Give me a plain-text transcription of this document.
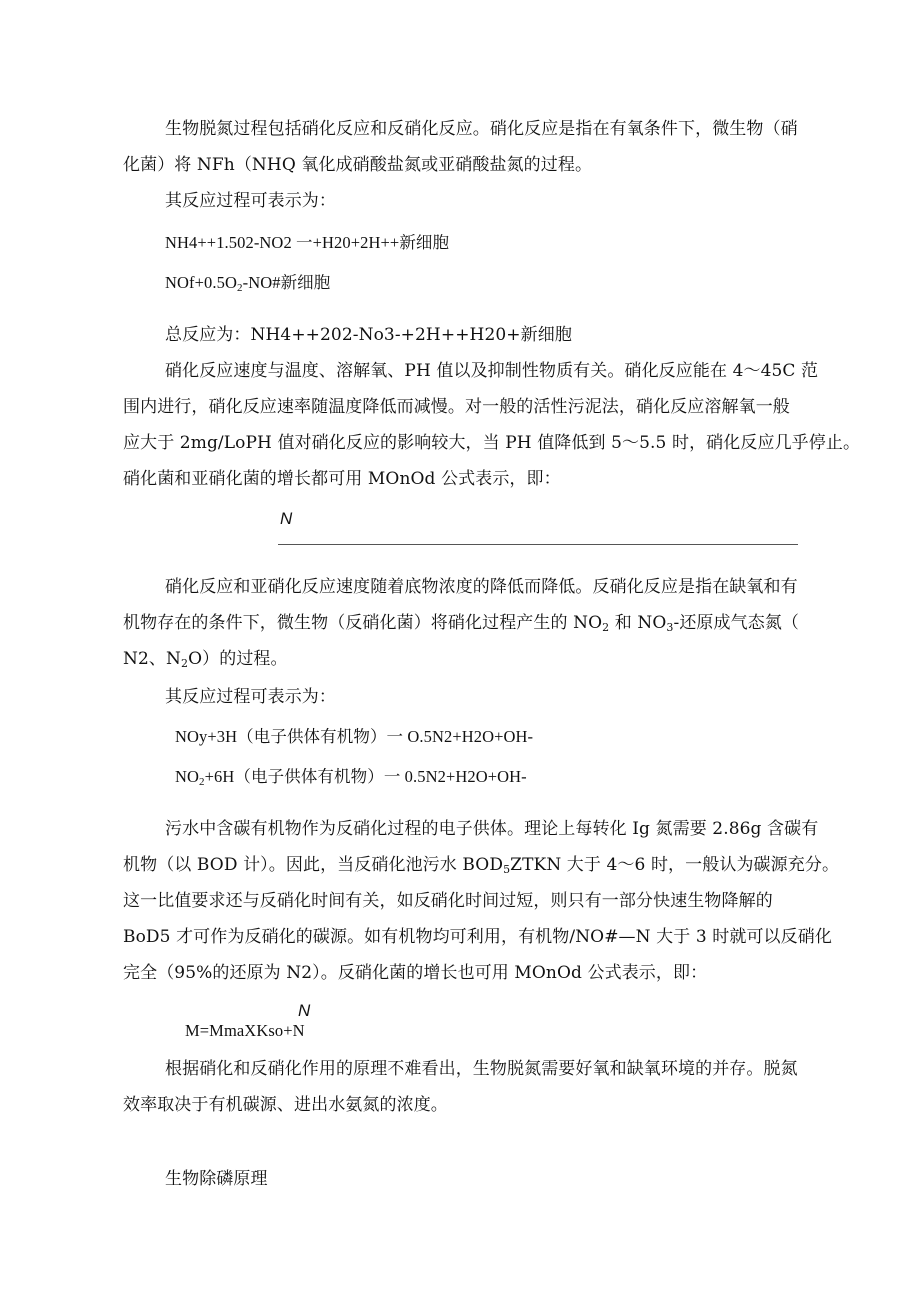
生物脱氮过程包括硝化反应和反硝化反应。硝化反应是指在有氧条件下，微生物（硝
化菌）将 NFh（NHQ 氧化成硝酸盐氮或亚硝酸盐氮的过程。
其反应过程可表示为：
NH4++1.502-NO2 一+H20+2H++新细胞
$NOf+0.5O_2-NO\#$新细胞
总反应为：NH4++202-No3-+2H++H20+新细胞
硝化反应速度与温度、溶解氧、PH 值以及抑制性物质有关。硝化反应能在 4～45C 范
围内进行，硝化反应速率随温度降低而减慢。对一般的活性污泥法，硝化反应溶解氧一般
应大于 2mg/LoPH 值对硝化反应的影响较大，当 PH 值降低到 5～5.5 时，硝化反应几乎停止。
硝化菌和亚硝化菌的增长都可用 MOnOd 公式表示，即：
N
硝化反应和亚硝化反应速度随着底物浓度的降低而降低。反硝化反应是指在缺氧和有
机物存在的条件下，微生物（反硝化菌）将硝化过程产生的 $NO_2$ 和 $NO_3-$还原成气态氮（
N2、$N_2O$）的过程。
其反应过程可表示为：
NOy+3H（电子供体有机物）一 O.5N2+H2O+OH-
$NO_2+6H$（电子供体有机物）一 0.5N2+H2O+OH-
污水中含碳有机物作为反硝化过程的电子供体。理论上每转化 Ig 氮需要 2.86g 含碳有
机物（以 BOD 计）。因此，当反硝化池污水 $BOD_5ZTKN$ 大于 4～6 时，一般认为碳源充分。
这一比值要求还与反硝化时间有关，如反硝化时间过短，则只有一部分快速生物降解的
BoD5 才可作为反硝化的碳源。如有机物均可利用，有机物/NO#—N 大于 3 时就可以反硝化
完全（95%的还原为 N2）。反硝化菌的增长也可用 MOnOd 公式表示，即：
N
M=MmaXKso+N
根据硝化和反硝化作用的原理不难看出，生物脱氮需要好氧和缺氧环境的并存。脱氮
效率取决于有机碳源、进出水氨氮的浓度。
生物除磷原理
